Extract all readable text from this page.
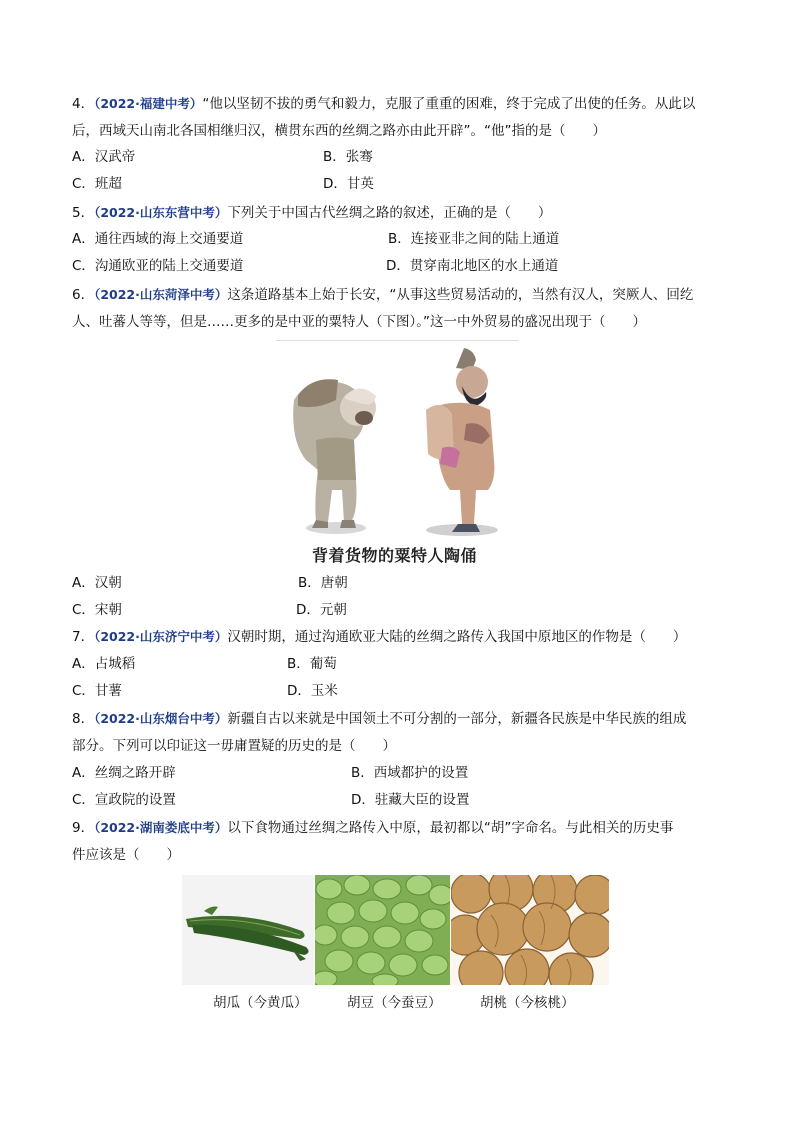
4．（2022·福建中考）“他以坚韧不拔的勇气和毅力，克服了重重的困难，终于完成了出使的任务。从此以
后，西域天山南北各国相继归汉，横贯东西的丝绸之路亦由此开辟”。“他”指的是（　　）
A．汉武帝	B．张骞
C．班超	D．甘英
5．（2022·山东东营中考）下列关于中国古代丝绸之路的叙述，正确的是（　　）
A．通往西域的海上交通要道	B．连接亚非之间的陆上通道
C．沟通欧亚的陆上交通要道	D．贯穿南北地区的水上通道
6．（2022·山东菏泽中考）这条道路基本上始于长安，“从事这些贸易活动的，当然有汉人，突厥人、回纥
人、吐蕃人等等，但是……更多的是中亚的粟特人（下图）。”这一中外贸易的盛况出现于（　　）
背着货物的粟特人陶俑
A．汉朝	B．唐朝
C．宋朝	D．元朝
7．（2022·山东济宁中考）汉朝时期，通过沟通欧亚大陆的丝绸之路传入我国中原地区的作物是（　　）
A．占城稻	B．葡萄
C．甘薯	D．玉米
8．（2022·山东烟台中考）新疆自古以来就是中国领土不可分割的一部分，新疆各民族是中华民族的组成
部分。下列可以印证这一毋庸置疑的历史的是（　　）
A．丝绸之路开辟	B．西域都护的设置
C．宣政院的设置	D．驻藏大臣的设置
9．（2022·湖南娄底中考）以下食物通过丝绸之路传入中原，最初都以“胡”字命名。与此相关的历史事
件应该是（　　）
胡瓜（今黄瓜）	胡豆（今蚕豆）	胡桃（今核桃）
